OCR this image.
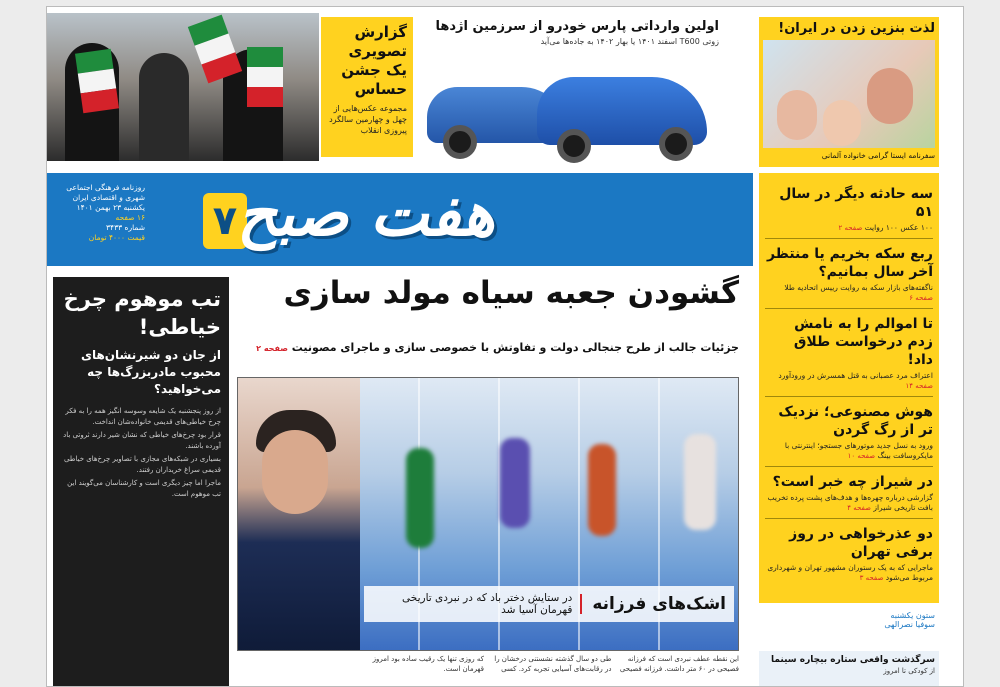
گزارش تصویری یک جشن حساس
مجموعه عکس‌هایی از چهل و چهارمین سالگرد پیروزی انقلاب
اولین وارداتی پارس خودرو از سرزمین اژدها
زوتی T600 اسفند ۱۴۰۱ یا بهار ۱۴۰۲ به جاده‌ها می‌آید
لذت بنزین زدن در ایران!
سفرنامه ایستا گرامی خانواده آلمانی
روزنامه فرهنگی اجتماعی
شهری و اقتصادی ایران
یکشنبه ۲۳ بهمن ۱۴۰۱
۱۶ صفحه
شماره ۳۴۳۳
قیمت ۴۰۰۰ تومان ۷ هفت صبح	سه حادثه دیگر در سال ۵۱
۱۰۰ عکس ۱۰۰ روایت صفحه ۲
ربع سکه بخریم یا منتظر آخر سال بمانیم؟
ناگفته‌های بازار سکه به روایت رییس اتحادیه طلا صفحه ۶
تا اموالم را به نامش زدم درخواست طلاق داد!
اعتراف مرد عصبانی به قتل همسرش در ورودآورد صفحه ۱۴
هوش مصنوعی؛ نزدیک تر از رگ گردن
ورود به نسل جدید موتورهای جستجو؛ اینترنتی با مایکروسافت بینگ صفحه ۱۰
در شیراز چه خبر است؟
گزارشی درباره چهره‌ها و هدف‌های پشت پرده تخریب بافت تاریخی شیراز صفحه ۴
دو عذرخواهی در روز برفی تهران
ماجرایی که به یک رستوران مشهور تهران و شهرداری مربوط می‌شود صفحه ۳
ستون یکشنبه
سوفیا نصرالهی
سرگذشت واقعی ستاره بیچاره سینما
از کودکی تا امروز
گشودن جعبه سیاه مولد سازی
جزئیات جالب از طرح جنجالی دولت و تفاوتش با خصوصی سازی و ماجرای مصونیت صفحه ۲
اشک‌های فرزانهدر ستایش دختر باد که در نبردی تاریخی قهرمان آسیا شد
تب موهوم چرخ خیاطی!
از جان دو شیرنشان‌های محبوب مادربزرگ‌ها چه می‌خواهید؟
از روز پنجشنبه یک شایعه وسوسه انگیز همه را به فکر چرخ خیاطی‌های قدیمی خانواده‌شان انداخت.
قرار بود چرخ‌های خیاطی که نشان شیر دارند ثروتی باد آورده باشند.
بسیاری در شبکه‌های مجازی با تصاویر چرخ‌های خیاطی قدیمی سراغ خریداران رفتند.
ماجرا اما چیز دیگری است و کارشناسان می‌گویند این تب موهوم است.
این نقطه عطف نبردی است که فرزانه فصیحی در ۶۰ متر داشت. فرزانه فصیحی طی دو سال گذشته نشستنی درخشان را در رقابت‌های آسیایی تجربه کرد. کسی که روزی تنها یک رقیب ساده بود امروز قهرمان است.
